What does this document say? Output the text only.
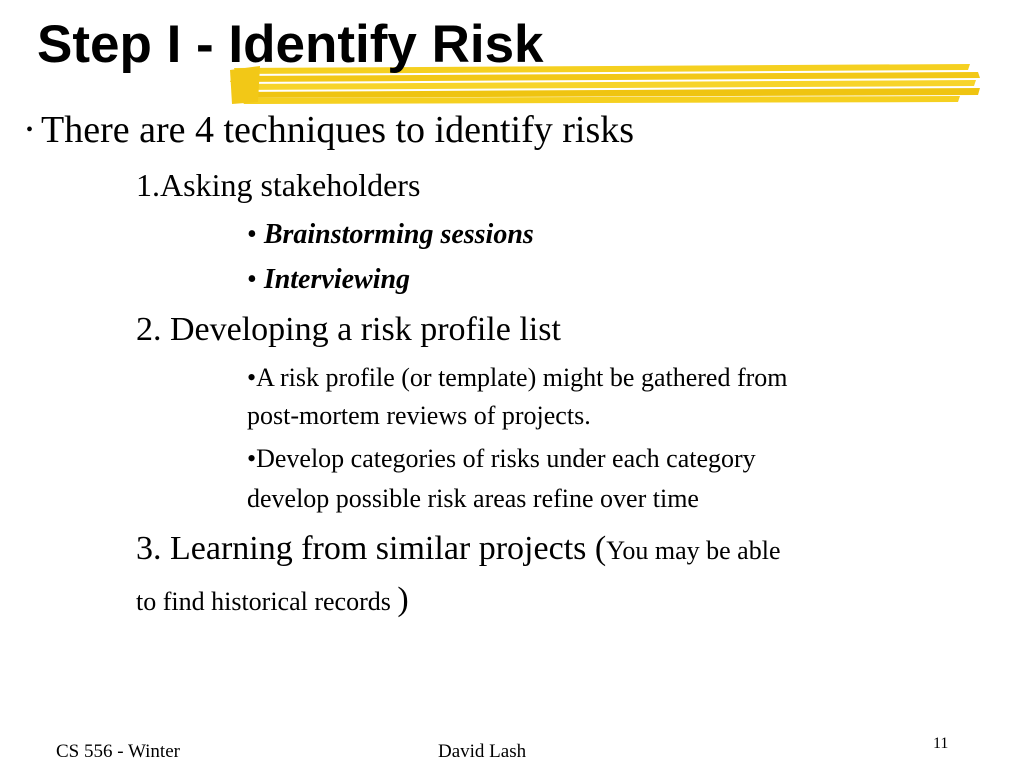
Step I - Identify Risk

• There are 4 techniques to identify risks

1.Asking stakeholders

• Brainstorming sessions

• Interviewing

2. Developing a risk profile list

•A risk profile (or template) might be gathered from

post-mortem reviews of projects.

•Develop categories of risks under each category

develop possible risk areas refine over time

3. Learning from similar projects (You may be able

to find historical records )

CS 556 - Winter	David Lash	11
